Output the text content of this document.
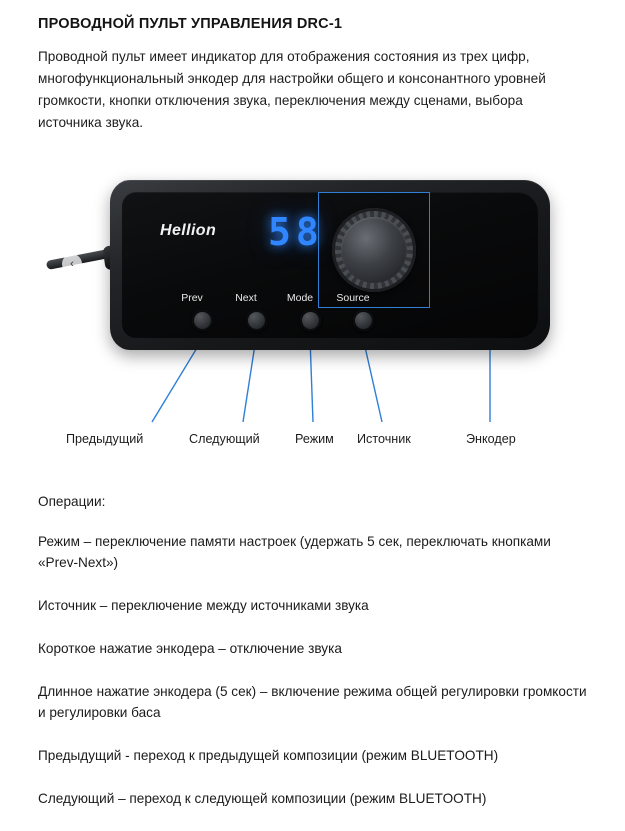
ПРОВОДНОЙ ПУЛЬТ УПРАВЛЕНИЯ DRC-1
Проводной пульт имеет индикатор для отображения состояния из трех цифр, многофункциональный энкодер для настройки общего и консонантного уровней громкости, кнопки отключения звука, переключения между сценами, выбора источника звука.
‹
Hellion 58
Prev	Next	Mode	Source
Предыдущий	Следующий	Режим Источник	Энкодер
Операции:
Режим – переключение памяти настроек (удержать 5 сек, переключать кнопками «Prev-Next»)
Источник – переключение между источниками звука
Короткое нажатие энкодера – отключение звука
Длинное нажатие энкодера (5 сек) – включение режима общей регулировки громкости и регулировки баса
Предыдущий - переход к предыдущей композиции (режим BLUETOOTH)
Следующий – переход к следующей композиции (режим BLUETOOTH)
